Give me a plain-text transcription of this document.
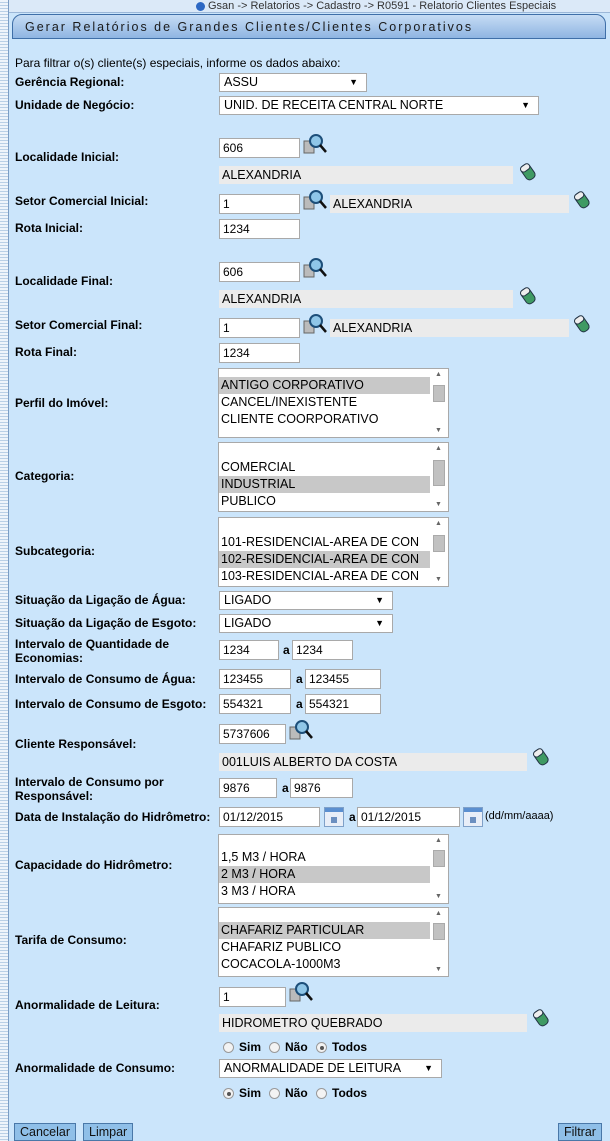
Gsan -> Relatorios -> Cadastro -> R0591 - Relatorio Clientes Especiais
Gerar Relatórios de Grandes Clientes/Clientes Corporativos
Para filtrar o(s) cliente(s) especiais, informe os dados abaixo:
Gerência Regional:	ASSU	▼
Unidade de Negócio:	UNID. DE RECEITA CENTRAL NORTE	▼
Localidade Inicial:
606
ALEXANDRIA
Setor Comercial Inicial:	1	ALEXANDRIA
Rota Inicial:	1234
Localidade Final:
606
ALEXANDRIA
Setor Comercial Final:	1	ALEXANDRIA
Rota Final:	1234
Perfil do Imóvel:
ANTIGO CORPORATIVO
CANCEL/INEXISTENTE
CLIENTE COORPORATIVO
▲
▼
Categoria:
COMERCIAL
INDUSTRIAL
PUBLICO
▲
▼
Subcategoria:
101-RESIDENCIAL-AREA DE CON
102-RESIDENCIAL-AREA DE CON
103-RESIDENCIAL-AREA DE CON
▲
▼
Situação da Ligação de Água:	LIGADO	▼
Situação da Ligação de Esgoto:	LIGADO	▼
Intervalo de Quantidade de
Economias:
1234	a 1234
Intervalo de Consumo de Água:	123455	a 123455
Intervalo de Consumo de Esgoto:	554321	a 554321
Cliente Responsável:
5737606
001LUIS ALBERTO DA COSTA
Intervalo de Consumo por
Responsável:
9876	a 9876
Data de Instalação do Hidrômetro:	01/12/2015	a 01/12/2015	(dd/mm/aaaa)
Capacidade do Hidrômetro:
1,5 M3 / HORA
2 M3 / HORA
3 M3 / HORA
▲
▼
Tarifa de Consumo:
CHAFARIZ PARTICULAR
CHAFARIZ PUBLICO
COCACOLA-1000M3
▲
▼
Anormalidade de Leitura:
1
HIDROMETRO QUEBRADO
Sim Não Todos
Anormalidade de Consumo:	ANORMALIDADE DE LEITURA	▼
Sim Não Todos
Cancelar	Limpar	Filtrar
